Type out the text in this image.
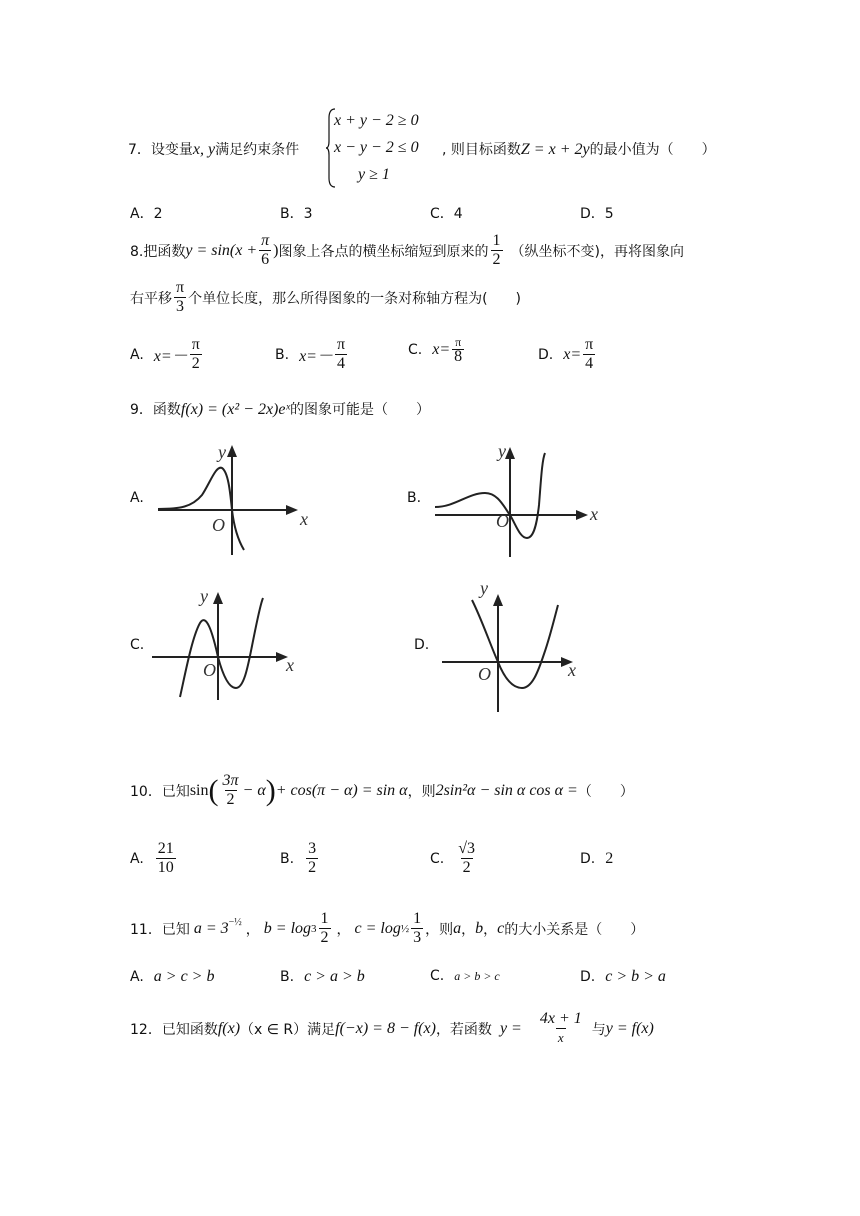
7．设变量x, y满足约束条件
x + y − 2 ≥ 0
x − y − 2 ≤ 0
y ≥ 1
, 则目标函数Z = x + 2y的最小值为（　　）
A．2	B．3	C．4	D．5
8.把函数 $y = \sin(x + \frac{\pi}{6}$ ) 图象上各点的横坐标缩短到原来的 $\frac{1}{2}$ （纵坐标不变)，再将图象向
右平移 $\frac{\pi}{3}$ 个单位长度，那么所得图象的一条对称轴方程为(　　)
A. $x=- \frac{\pi}{2}$	B. $x=- \frac{\pi}{4}$	C. $x= \frac{\pi}{8}$	D. $x= \frac{\pi}{4}$
9．函数f(x) = (x² − 2x)eˣ的图象可能是（　　）
A.	B.
C.	D.
x
y
O
x
y
O
x
y
O	x
y
O
10．已知 sin ( $\frac{3\pi}{2} - \alpha$ ) + cos(π − α) = sin α ，则 2sin²α − sin α cos α = （　　）
A. $\frac{21}{10}$	B. $\frac{3}{2}$	C. $\frac{√3}{2}$	D. 2
11．已知 $a = 3^{-\frac{1}{2}}$ ， $b = \log 3 \frac{1}{2}$ ， c = log ½ $\frac{1}{3}$ ，则 a ， b ， c 的大小关系是（　　）
A. a > c > b	B. c > a > b	C. a > b > c	D. c > b > a
12．已知函数 f(x) （x ∈ R） 满足 f(−x) = 8 − f(x) ，若函数 $y = \frac{4x + 1}{x}$ 与 y = f(x)
